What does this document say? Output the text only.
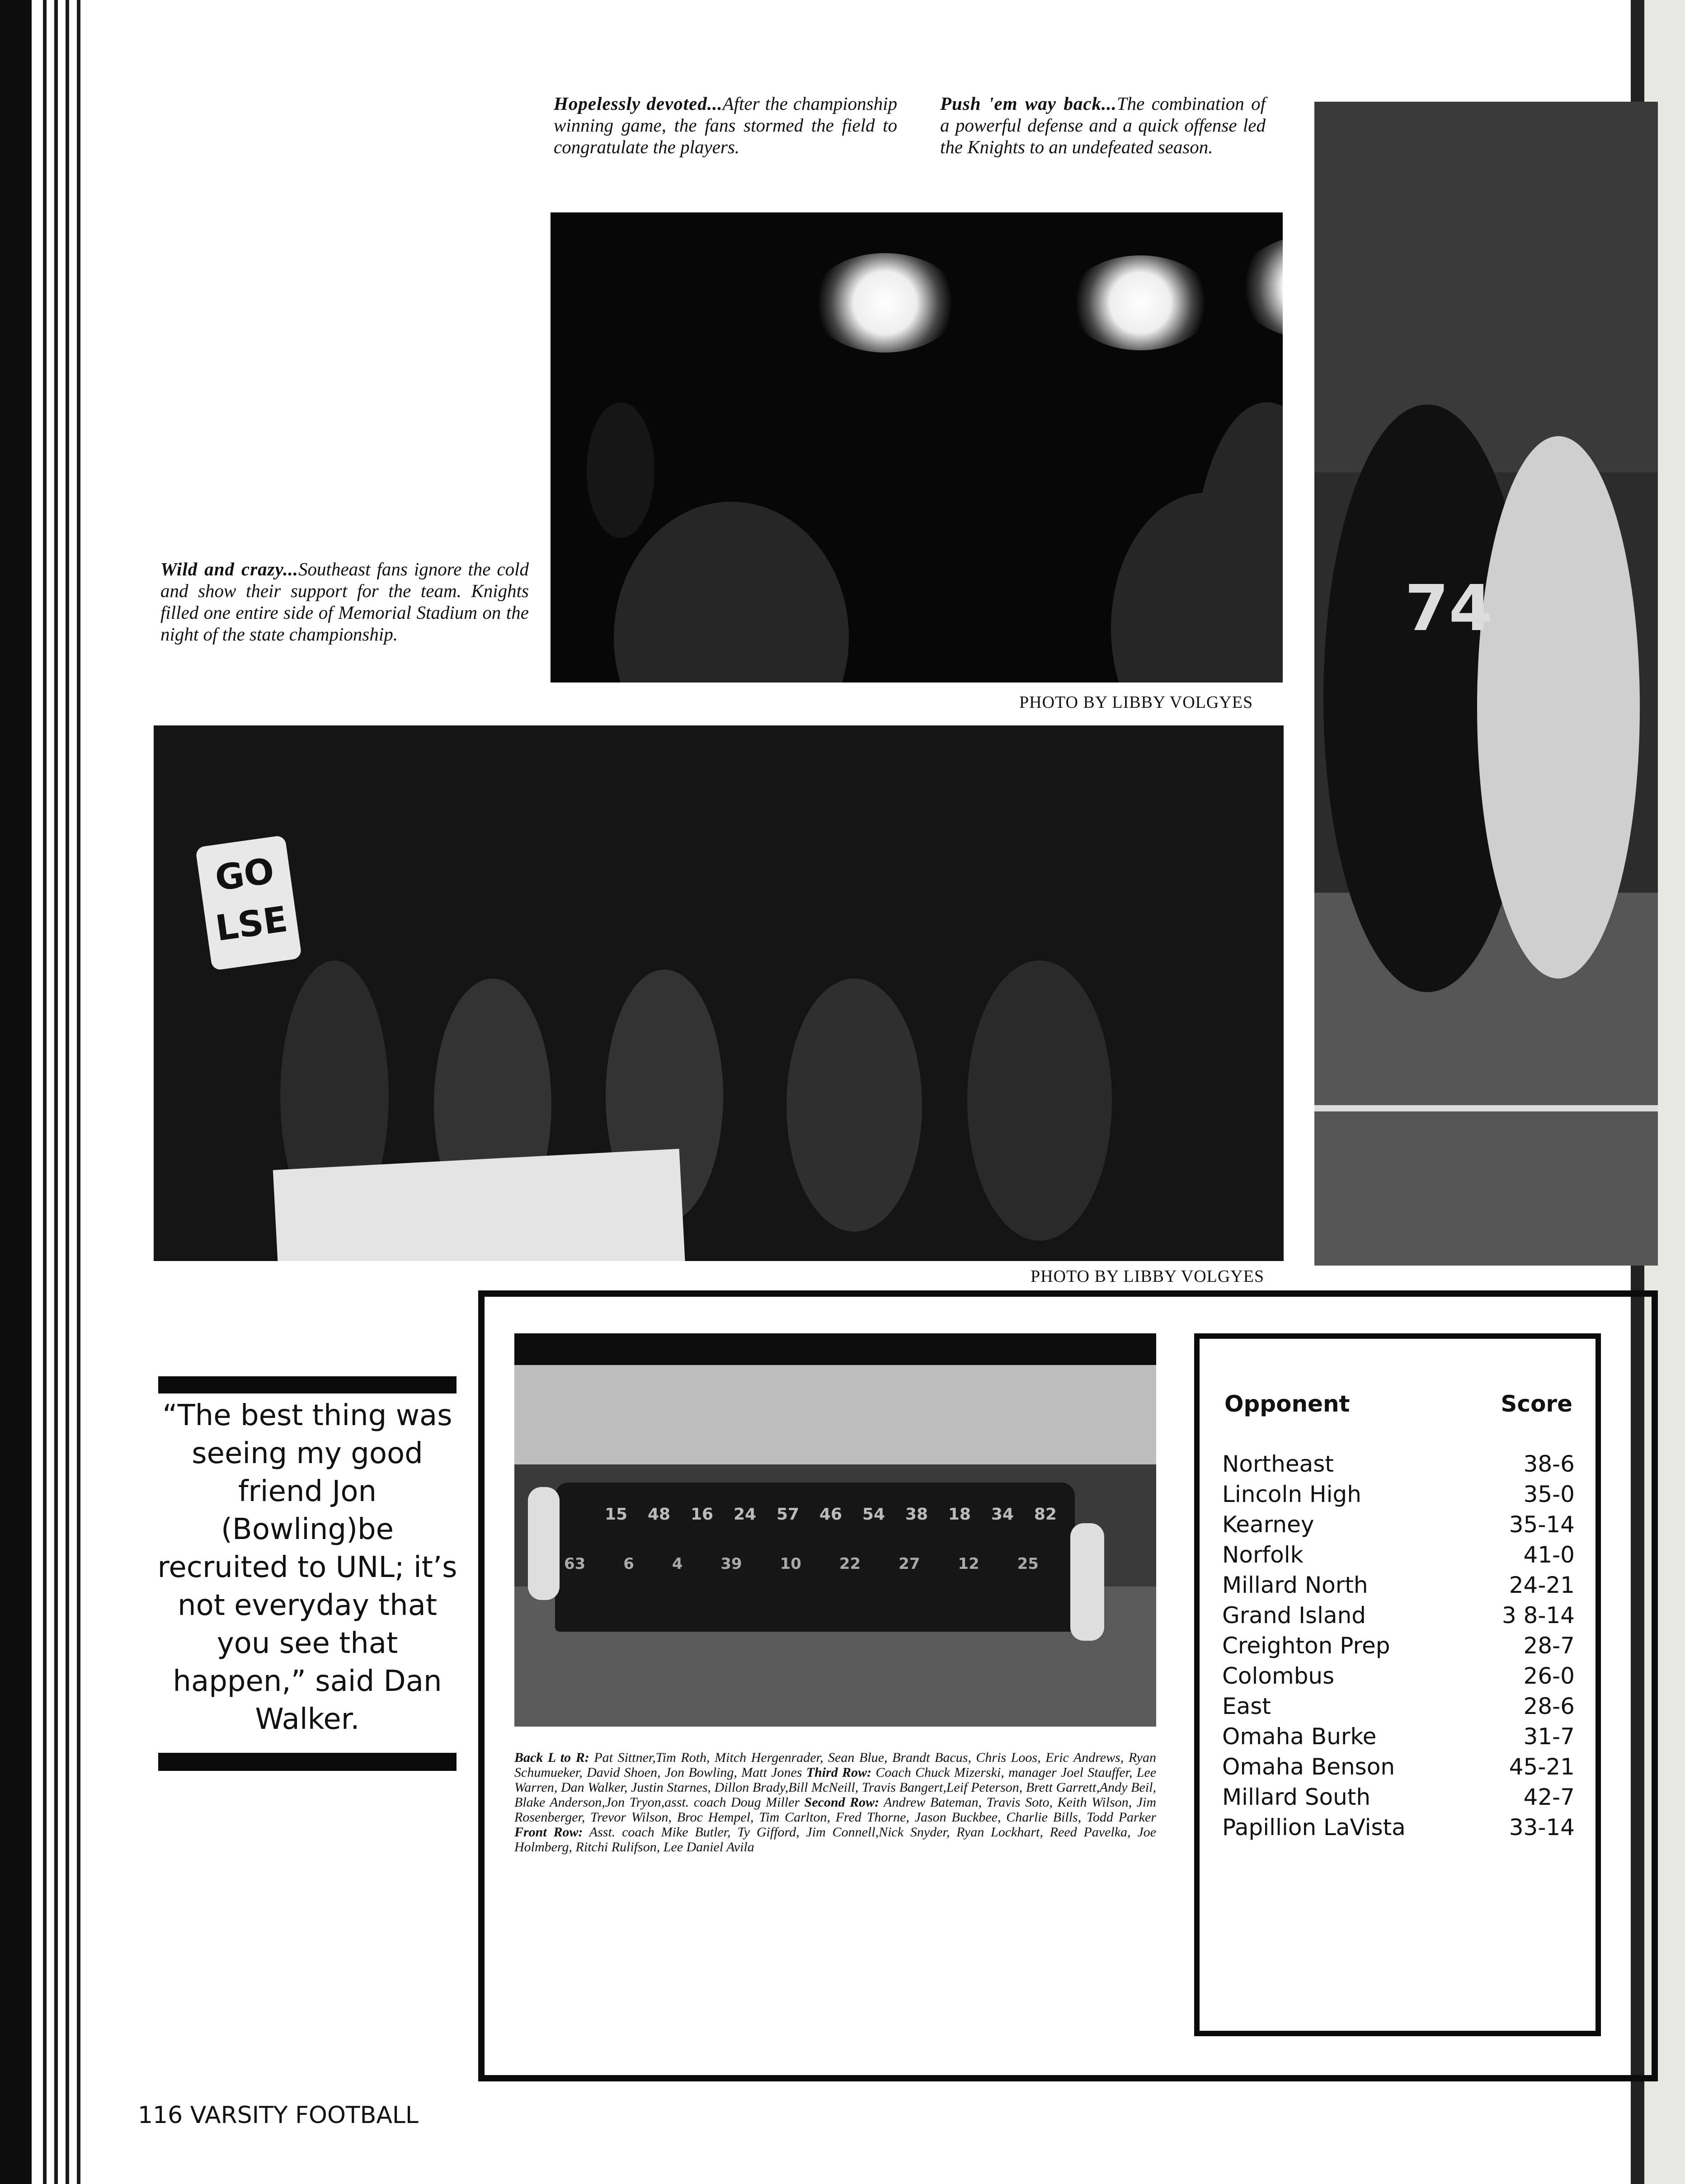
Hopelessly devoted...After the championship winning game, the fans stormed the field to congratulate the players.
Push 'em way back...The combination of a powerful defense and a quick offense led the Knights to an undefeated season.
PHOTO BY LIBBY VOLGYES
Wild and crazy...Southeast fans ignore the cold and show their support for the team. Knights filled one entire side of Memorial Stadium on the night of the state championship.	74
GO LSE
PHOTO BY LIBBY VOLGYES
“The best thing was seeing my good friend Jon (Bowling)be recruited to UNL; it’s not everyday that you see that happen,” said Dan Walker.
15 48 16 24 57 46 54 38 18 34 82
63 6 4 39 10 22 27 12 25
Back L to R: Pat Sittner,Tim Roth, Mitch Hergenrader, Sean Blue, Brandt Bacus, Chris Loos, Eric Andrews, Ryan Schumueker, David Shoen, Jon Bowling, Matt Jones Third Row: Coach Chuck Mizerski, manager Joel Stauffer, Lee Warren, Dan Walker, Justin Starnes, Dillon Brady,Bill McNeill, Travis Bangert,Leif Peterson, Brett Garrett,Andy Beil, Blake Anderson,Jon Tryon,asst. coach Doug Miller Second Row: Andrew Bateman, Travis Soto, Keith Wilson, Jim Rosenberger, Trevor Wilson, Broc Hempel, Tim Carlton, Fred Thorne, Jason Buckbee, Charlie Bills, Todd Parker Front Row: Asst. coach Mike Butler, Ty Gifford, Jim Connell,Nick Snyder, Ryan Lockhart, Reed Pavelka, Joe Holmberg, Ritchi Rulifson, Lee Daniel Avila
Opponent	Score
Northeast	38-6
Lincoln High	35-0
Kearney	35-14
Norfolk	41-0
Millard North	24-21
Grand Island	3 8-14
Creighton Prep	28-7
Colombus	26-0
East	28-6
Omaha Burke	31-7
Omaha Benson	45-21
Millard South	42-7
Papillion LaVista	33-14
116 VARSITY FOOTBALL
